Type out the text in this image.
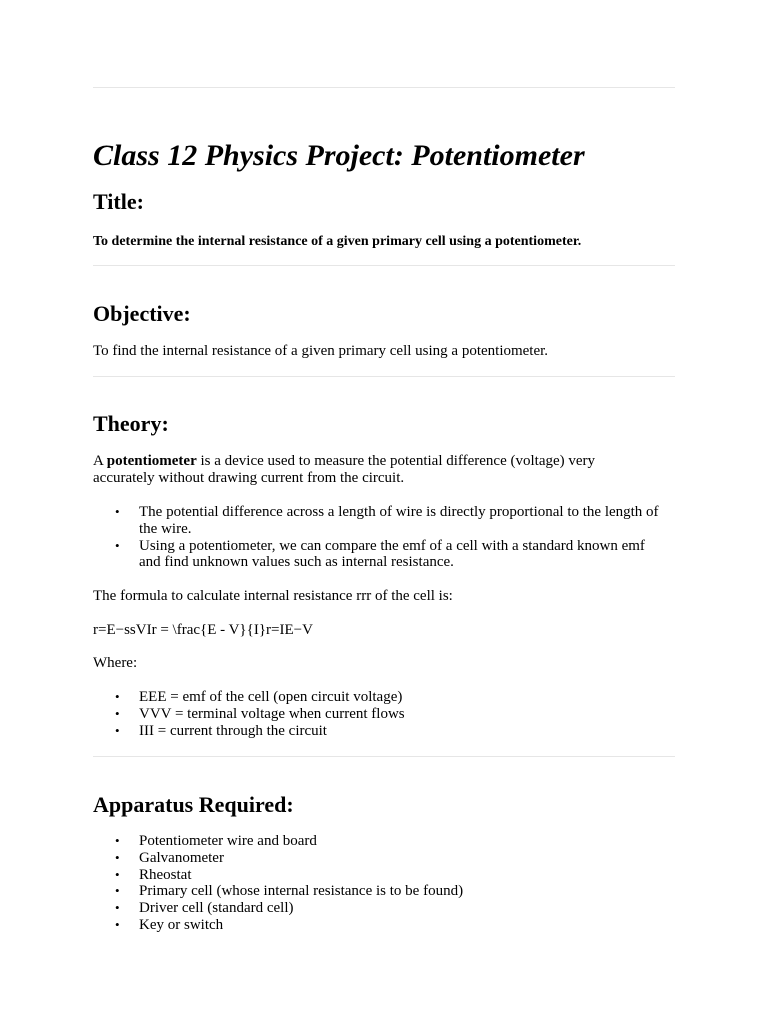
Class 12 Physics Project: Potentiometer
Title:

To determine the internal resistance of a given primary cell using a potentiometer.

Objective:

To find the internal resistance of a given primary cell using a potentiometer.

Theory:

A potentiometer is a device used to measure the potential difference (voltage) very accurately without drawing current from the circuit.

• The potential difference across a length of wire is directly proportional to the length of the wire.
• Using a potentiometer, we can compare the emf of a cell with a standard known emf and find unknown values such as internal resistance.

The formula to calculate internal resistance rrr of the cell is:

r=E−ssVIr = \frac{E - V}{I}r=IE−V

Where:

• EEE = emf of the cell (open circuit voltage)
• VVV = terminal voltage when current flows
• III = current through the circuit
Apparatus Required:
• Potentiometer wire and board
• Galvanometer
• Rheostat
• Primary cell (whose internal resistance is to be found)
• Driver cell (standard cell)
• Key or switch
